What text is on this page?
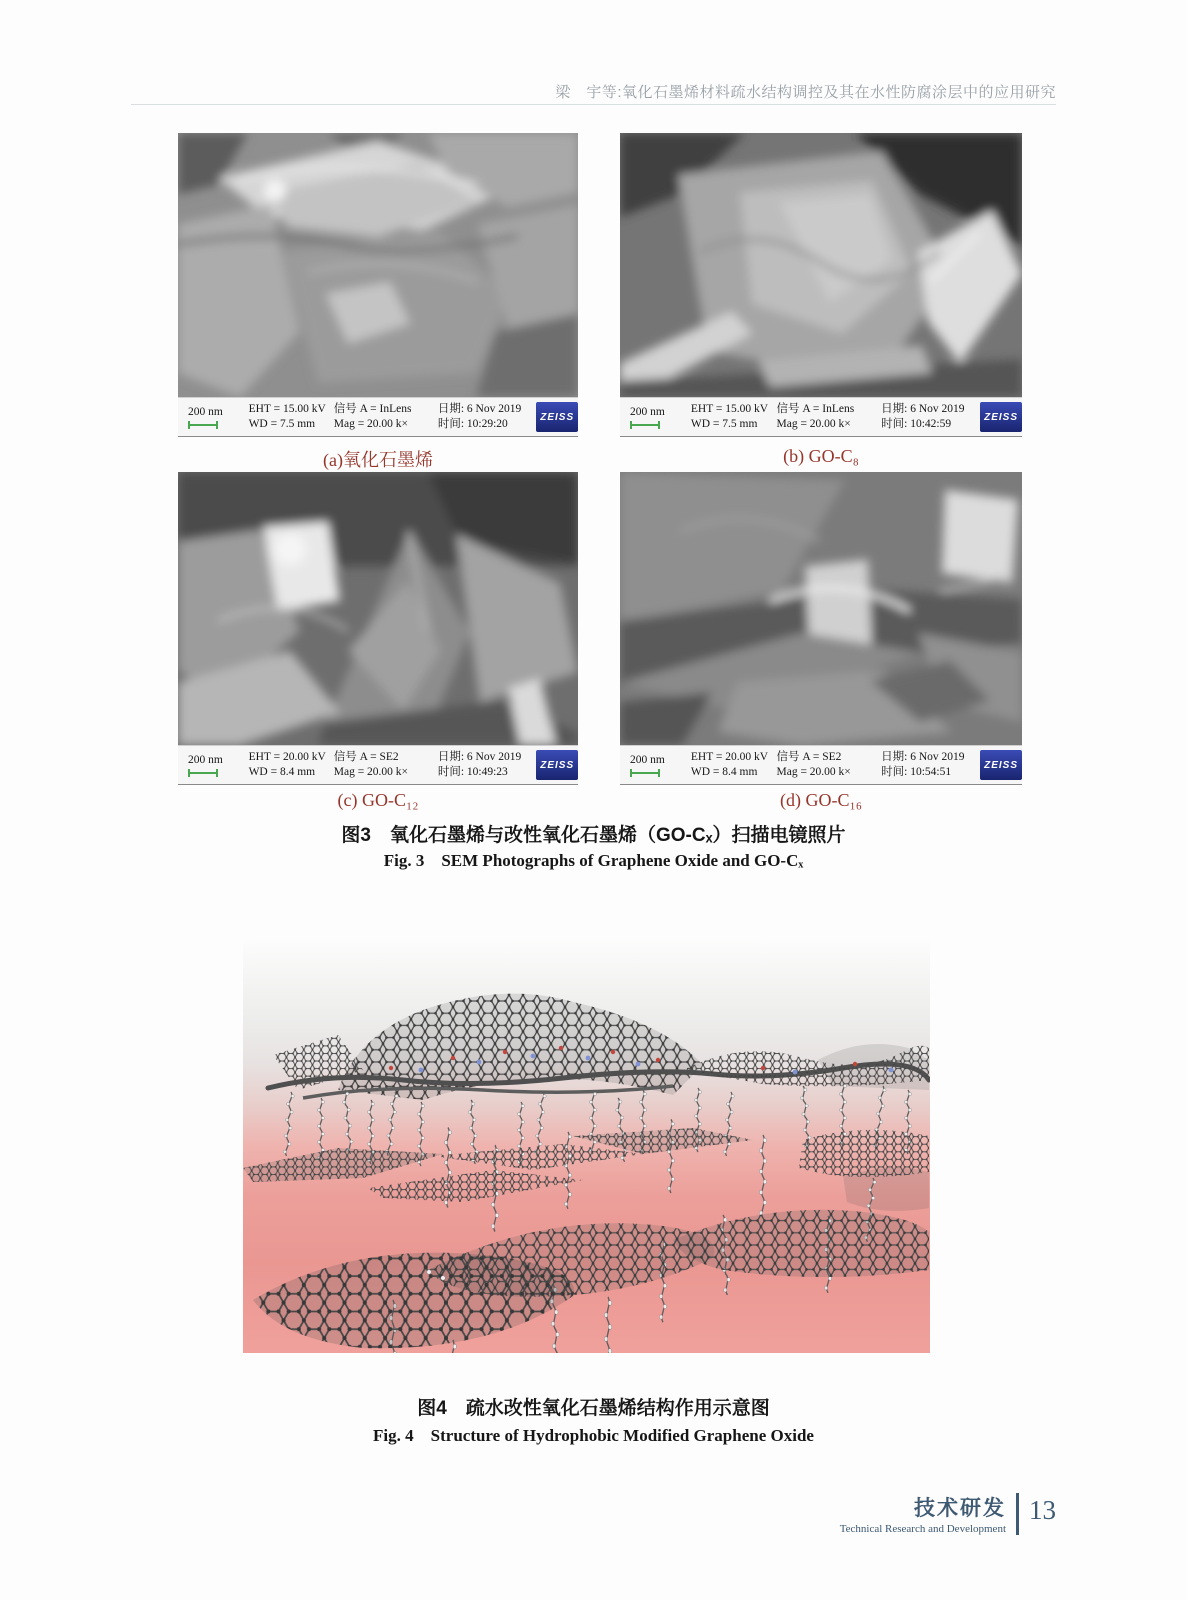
梁　宇等:氧化石墨烯材料疏水结构调控及其在水性防腐涂层中的应用研究
200 nm	EHT = 15.00 kV
WD = 7.5 mm
信号 A = InLens
Mag = 20.00 k×
日期: 6 Nov 2019
时间: 10:29:20
ZEISS	200 nm	EHT = 15.00 kV
WD = 7.5 mm
信号 A = InLens
Mag = 20.00 k×
日期: 6 Nov 2019
时间: 10:42:59
ZEISS
(a)氧化石墨烯	(b) GO-C₈
200 nm	EHT = 20.00 kV
WD = 8.4 mm
信号 A = SE2
Mag = 20.00 k×
日期: 6 Nov 2019
时间: 10:49:23
ZEISS	200 nm	EHT = 20.00 kV
WD = 8.4 mm
信号 A = SE2
Mag = 20.00 k×
日期: 6 Nov 2019
时间: 10:54:51
ZEISS
(c) GO-C₁₂	(d) GO-C₁₆
图3　氧化石墨烯与改性氧化石墨烯（GO-Cₓ）扫描电镜照片
Fig. 3　SEM Photographs of Graphene Oxide and GO-Cₓ
图4　疏水改性氧化石墨烯结构作用示意图
Fig. 4　Structure of Hydrophobic Modified Graphene Oxide
技术研发
Technical Research and Development
13
